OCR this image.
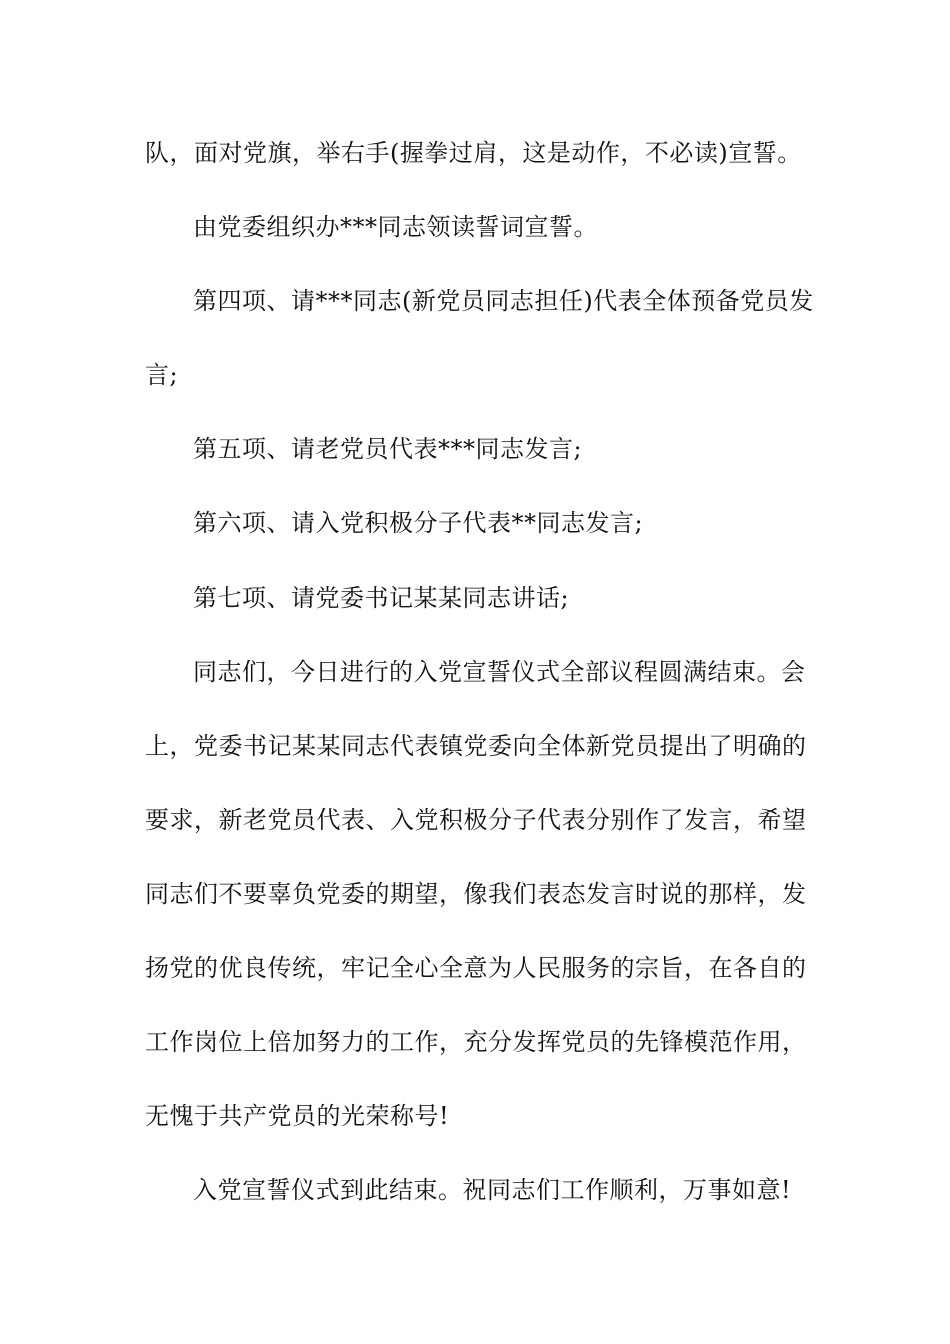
队，面对党旗，举右手(握拳过肩，这是动作，不必读)宣誓。
由党委组织办***同志领读誓词宣誓。
第四项、请***同志(新党员同志担任)代表全体预备党员发
言;
第五项、请老党员代表***同志发言;
第六项、请入党积极分子代表**同志发言;
第七项、请党委书记某某同志讲话;
同志们，今日进行的入党宣誓仪式全部议程圆满结束。会
上，党委书记某某同志代表镇党委向全体新党员提出了明确的
要求，新老党员代表、入党积极分子代表分别作了发言，希望
同志们不要辜负党委的期望，像我们表态发言时说的那样，发
扬党的优良传统，牢记全心全意为人民服务的宗旨，在各自的
工作岗位上倍加努力的工作，充分发挥党员的先锋模范作用，
无愧于共产党员的光荣称号!
入党宣誓仪式到此结束。祝同志们工作顺利，万事如意!
